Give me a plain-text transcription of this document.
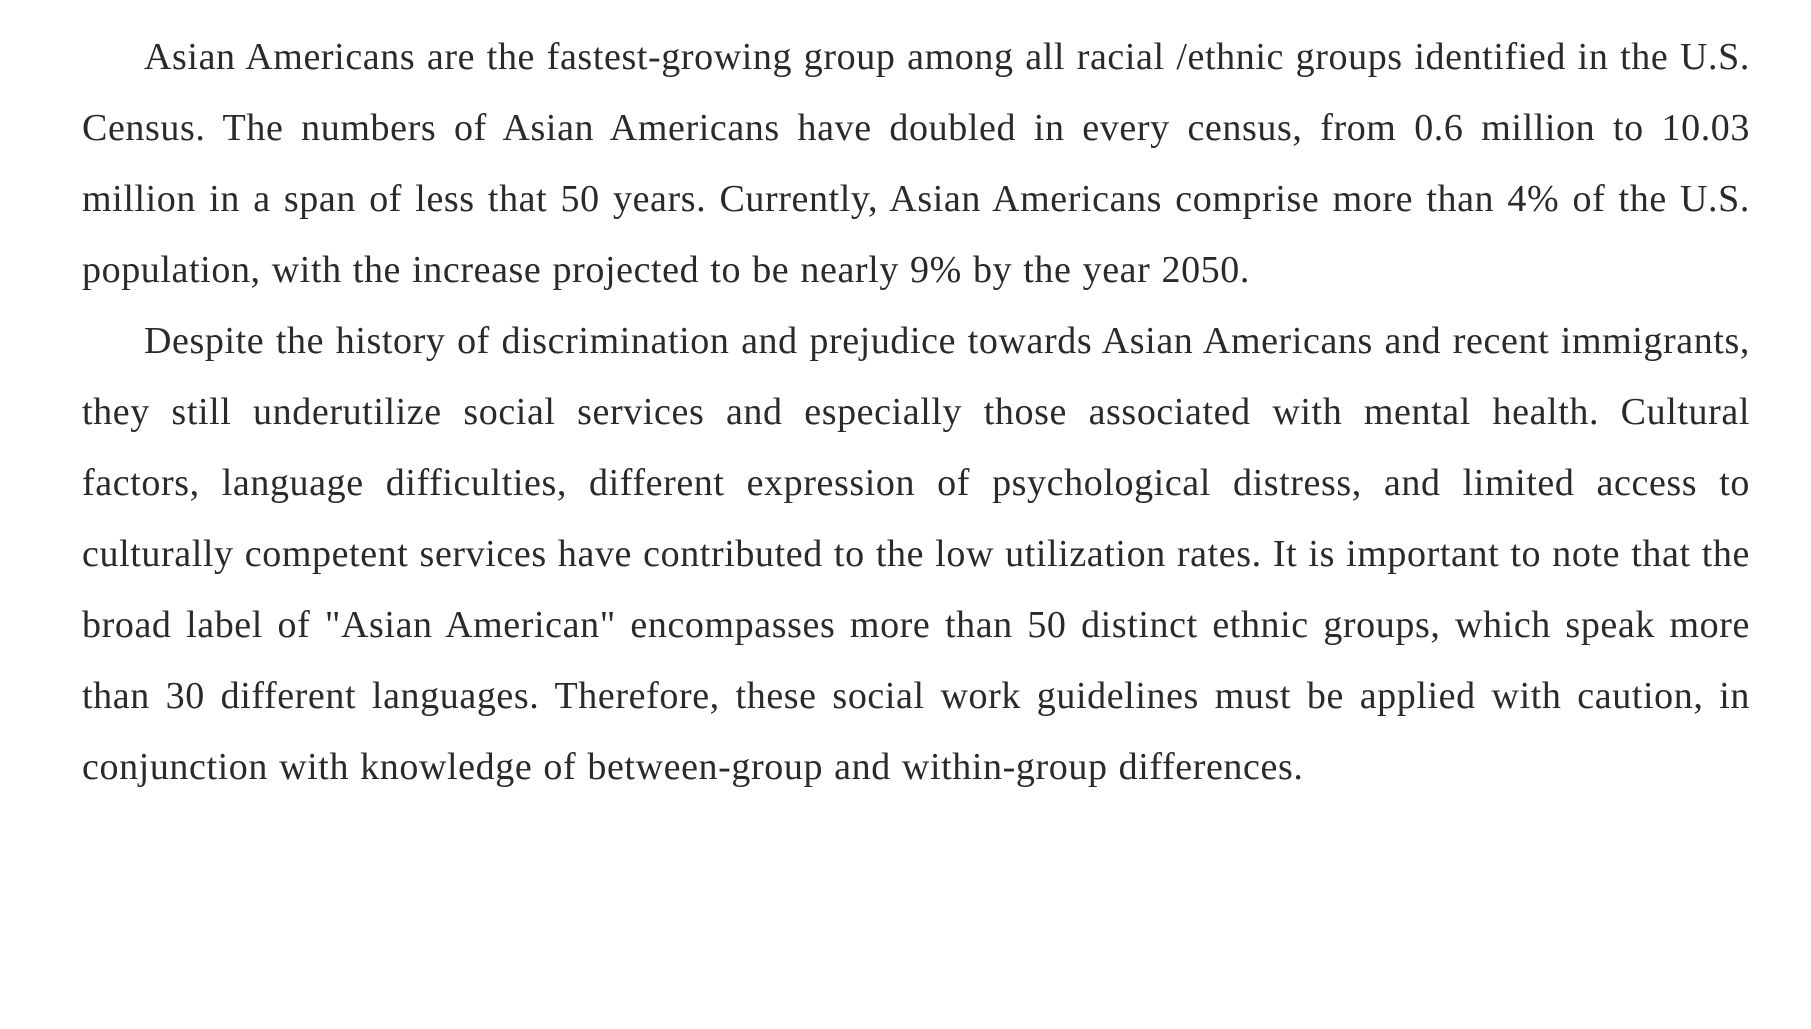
Asian Americans are the fastest-growing group among all racial /ethnic groups identified in the U.S. Census. The numbers of Asian Americans have doubled in every census, from 0.6 million to 10.03 million in a span of less that 50 years. Currently, Asian Americans comprise more than 4% of the U.S. population, with the increase projected to be nearly 9% by the year 2050.

Despite the history of discrimination and prejudice towards Asian Americans and recent immigrants, they still underutilize social services and especially those associated with mental health. Cultural factors, language difficulties, different expression of psychological distress, and limited access to culturally competent services have contributed to the low utilization rates. It is important to note that the broad label of "Asian American" encompasses more than 50 distinct ethnic groups, which speak more than 30 different languages. Therefore, these social work guidelines must be applied with caution, in conjunction with knowledge of between-group and within-group differences.
